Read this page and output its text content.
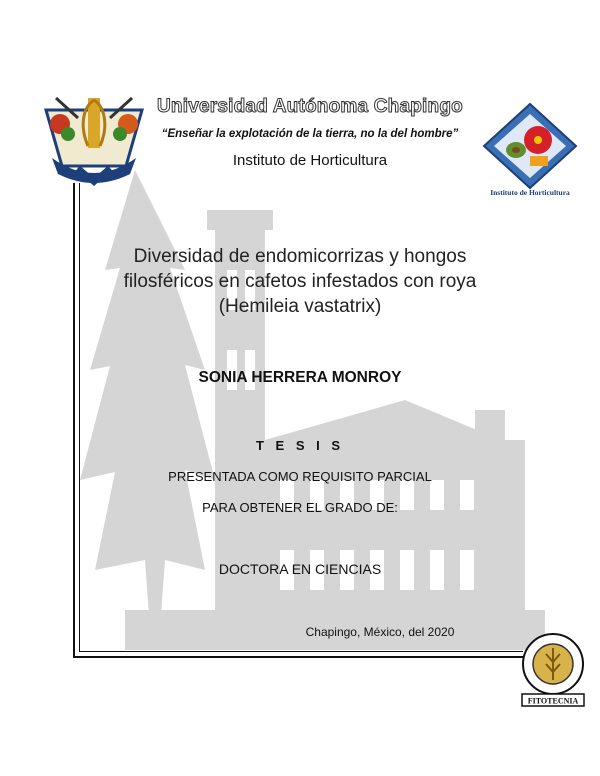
Instituto de Horticultura
FITOTECNIA
Universidad Autónoma Chapingo
“Enseñar la explotación de la tierra, no la del hombre”
Instituto de Horticultura
Diversidad de endomicorrizas y hongos
filosféricos en cafetos infestados con roya
(Hemileia vastatrix)
SONIA HERRERA MONROY
T E S I S
PRESENTADA COMO REQUISITO PARCIAL
PARA OBTENER EL GRADO DE:
DOCTORA EN CIENCIAS
Chapingo, México, del 2020
